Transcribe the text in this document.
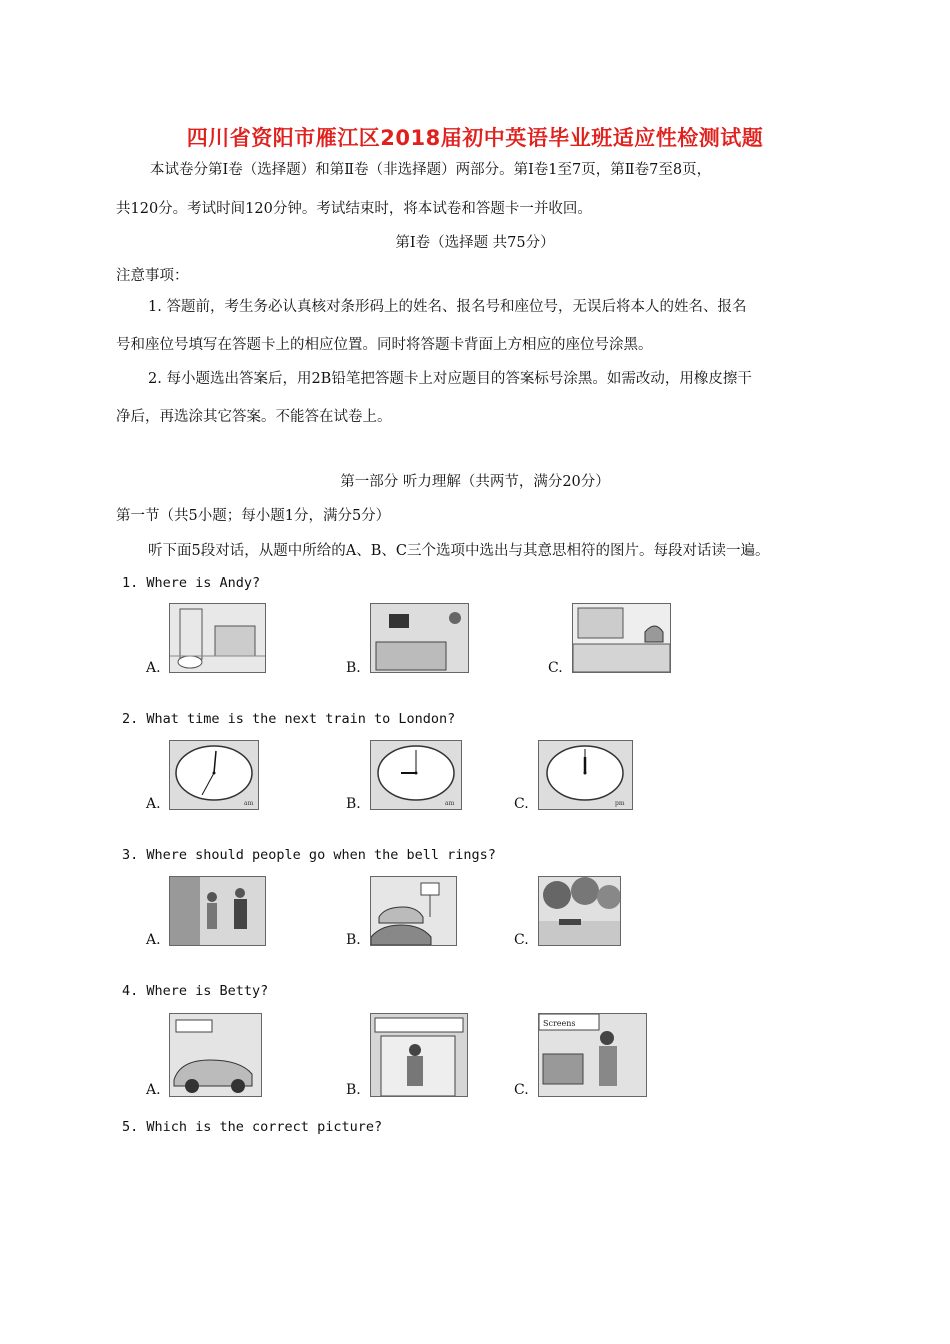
四川省资阳市雁江区2018届初中英语毕业班适应性检测试题
本试卷分第Ⅰ卷（选择题）和第Ⅱ卷（非选择题）两部分。第Ⅰ卷1至7页，第Ⅱ卷7至8页，
共120分。考试时间120分钟。考试结束时，将本试卷和答题卡一并收回。
第Ⅰ卷（选择题 共75分）
注意事项：
1. 答题前，考生务必认真核对条形码上的姓名、报名号和座位号，无误后将本人的姓名、报名
号和座位号填写在答题卡上的相应位置。同时将答题卡背面上方相应的座位号涂黑。
2. 每小题选出答案后，用2B铅笔把答题卡上对应题目的答案标号涂黑。如需改动，用橡皮擦干
净后，再选涂其它答案。不能答在试卷上。
第一部分 听力理解（共两节，满分20分）
第一节（共5小题；每小题1分，满分5分）
听下面5段对话，从题中所给的A、B、C三个选项中选出与其意思相符的图片。每段对话读一遍。
1. Where is Andy?
A.	B.	C.
2. What time is the next train to London?
A.	am	B.	am	C.	pm
3. Where should people go when the bell rings?
A.	B.	C.
4. Where is Betty?
A.	B.	C.
Screens
5. Which is the correct picture?
